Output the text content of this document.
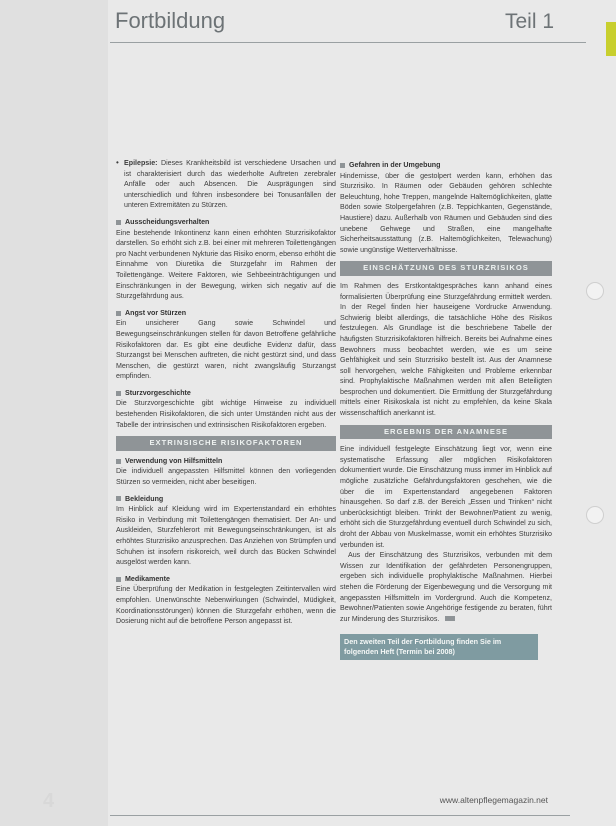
Fortbildung	Teil 1
• Epilepsie: Dieses Krankheitsbild ist verschiedene Ursachen und ist charakterisiert durch das wiederholte Auftreten zerebraler Anfälle oder auch Absencen. Die Ausprägungen sind unterschiedlich und führen insbesondere bei Tonusanfällen der unteren Extremitäten zu Stürzen.

Ausscheidungsverhalten

Eine bestehende Inkontinenz kann einen erhöhten Sturzrisikofaktor darstellen. So erhöht sich z.B. bei einer mit mehreren Toilettengängen pro Nacht verbundenen Nykturie das Risiko enorm, ebenso erhöht die Einnahme von Diuretika die Sturzgefahr im Rahmen der Toilettengänge. Weitere Faktoren, wie Sehbeeinträchtigungen und Einschränkungen in der Bewegung, wirken sich negativ auf die Sturzgefährdung aus.

Angst vor Stürzen

Ein unsicherer Gang sowie Schwindel und Bewegungseinschränkungen stellen für davon Betroffene gefährliche Risikofaktoren dar. Es gibt eine deutliche Evidenz dafür, dass Sturzangst bei Menschen auftreten, die nicht gestürzt sind, und dass Menschen, die gestürzt waren, nicht zwangsläufig Sturzangst empfinden.

Sturzvorgeschichte

Die Sturzvorgeschichte gibt wichtige Hinweise zu individuell bestehenden Risikofaktoren, die sich unter Umständen nicht aus der Tabelle der intrinsischen und extrinsischen Risikofaktoren ergeben.

EXTRINSISCHE RISIKOFAKTOREN
Verwendung von Hilfsmitteln

Die individuell angepassten Hilfsmittel können den vorliegenden Stürzen so vermeiden, nicht aber beseitigen.

Bekleidung

Im Hinblick auf Kleidung wird im Expertenstandard ein erhöhtes Risiko in Verbindung mit Toilettengängen thematisiert. Der An- und Auskleiden, Sturzfehlerort mit Bewegungseinschränkungen, ist als erhöhtes Sturzrisiko anzusprechen. Das Anziehen von Strümpfen und Schuhen ist insofern risikoreich, weil durch das Bücken Schwindel ausgelöst werden kann.

Medikamente

Eine Überprüfung der Medikation in festgelegten Zeitintervallen wird empfohlen. Unerwünschte Nebenwirkungen (Schwindel, Müdigkeit, Koordinationsstörungen) können die Sturzgefahr erhöhen, wenn die Dosierung nicht auf die betroffene Person angepasst ist.

Gefahren in der Umgebung

Hindernisse, über die gestolpert werden kann, erhöhen das Sturzrisiko. In Räumen oder Gebäuden gehören schlechte Beleuchtung, hohe Treppen, mangelnde Haltemöglichkeiten, glatte Böden sowie Stolpergefahren (z.B. Teppichkanten, Gegenstände, Haustiere) dazu. Außerhalb von Räumen und Gebäuden sind dies unebene Gehwege und Straßen, eine mangelhafte Sicherheitsausstattung (z.B. Haltemöglichkeiten, Telewachung) sowie ungünstige Wetterverhältnisse.

EINSCHÄTZUNG DES STURZRISIKOS

Im Rahmen des Erstkontaktgespräches kann anhand eines formalisierten Überprüfung eine Sturzgefährdung ermittelt werden. In der Regel finden hier hauseigene Vordrucke Anwendung. Schwierig bleibt allerdings, die tatsächliche Höhe des Risikos festzulegen. Als Grundlage ist die beschriebene Tabelle der häufigsten Sturzrisikofaktoren hilfreich. Bereits bei Aufnahme eines Bewohners muss beobachtet werden, wie es um seine Gehfähigkeit und sein Sturzrisiko bestellt ist. Aus der Anamnese soll hervorgehen, welche Fähigkeiten und Probleme erkennbar sind. Prophylaktische Maßnahmen werden mit allen Beteiligten besprochen und dokumentiert. Die Ermittlung der Sturzgefährdung mittels einer Risikoskala ist nicht zu empfehlen, da keine Skala wissenschaftlich anerkannt ist.

ERGEBNIS DER ANAMNESE

Eine individuell festgelegte Einschätzung liegt vor, wenn eine systematische Erfassung aller möglichen Risikofaktoren dokumentiert wurde. Die Einschätzung muss immer im Hinblick auf mögliche zusätzliche Gefährdungsfaktoren geschehen, wie die über die im Expertenstandard angegebenen Faktoren hinausgehen. So darf z.B. der Bereich „Essen und Trinken“ nicht unberücksichtigt bleiben. Trinkt der Bewohner/Patient zu wenig, erhöht sich die Sturzgefährdung eventuell durch Schwindel zu sich, droht der Abbau von Muskelmasse, womit ein erhöhtes Sturzrisiko verbunden ist.

Aus der Einschätzung des Sturzrisikos, verbunden mit dem Wissen zur Identifikation der gefährdeten Personengruppen, ergeben sich individuelle prophylaktische Maßnahmen. Hierbei stehen die Förderung der Eigenbewegung und die Versorgung mit angepassten Hilfsmitteln im Vordergrund. Auch die Kompetenz, Bewohner/Patienten sowie Angehörige festigende zu beraten, führt zur Minderung des Sturzrisikos.

Den zweiten Teil der Fortbildung finden Sie im folgenden Heft (Termin bei 2008)
4	www.altenpflegemagazin.net
